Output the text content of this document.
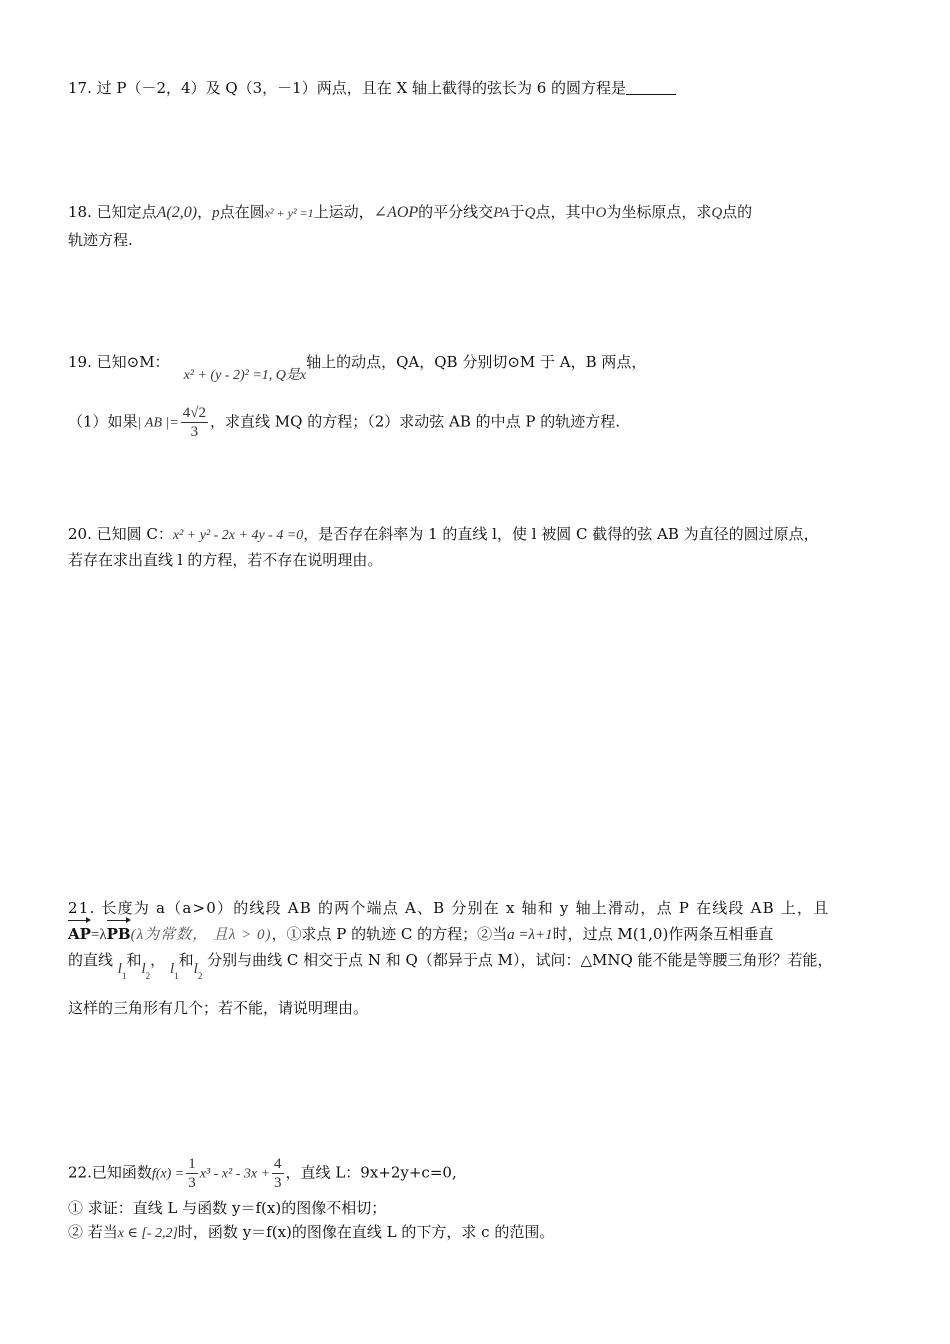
17. 过 P（－2，4）及 Q（3，－1）两点，且在 X 轴上截得的弦长为 6 的圆方程是
18. 已知定点A(2,0)，p点在圆x² + y² =1上运动，∠AOP的平分线交PA于Q点，其中O为坐标原点，求Q点的
轨迹方程.
19. 已知⊙M：x² + (y - 2)² =1, Q是x轴上的动点，QA，QB 分别切⊙M 于 A，B 两点，
（1）如果| AB |= $\frac{4√2}{3}$ ，求直线 MQ 的方程；（2）求动弦 AB 的中点 P 的轨迹方程.
20. 已知圆 C：x² + y² - 2x + 4y - 4 =0，是否存在斜率为 1 的直线 l，使 l 被圆 C 截得的弦 AB 为直径的圆过原点，
若存在求出直线 l 的方程，若不存在说明理由。
21. 长度为 a（a>0）的线段 AB 的两个端点 A、B 分别在 x 轴和 y 轴上滑动，点 P 在线段 AB 上，且
AP=λPB(λ为常数， 且λ > 0)，①求点 P 的轨迹 C 的方程；②当a =λ+1时，过点 M(1,0)作两条互相垂直
的直线 $l_1$和$l_2$， $l_1$和$l_2$ 分别与曲线 C 相交于点 N 和 Q（都异于点 M），试问：△MNQ 能不能是等腰三角形？若能，
这样的三角形有几个；若不能，请说明理由。
22.已知函数$f(x) = \frac{1}{3} x^3 - x^2 - 3x + \frac{4}{3}$ ，直线 L：9x+2y+c=0,
① 求证：直线 L 与函数 y＝f(x)的图像不相切；
② 若当x ∈ [- 2,2]时，函数 y＝f(x)的图像在直线 L 的下方，求 c 的范围。
